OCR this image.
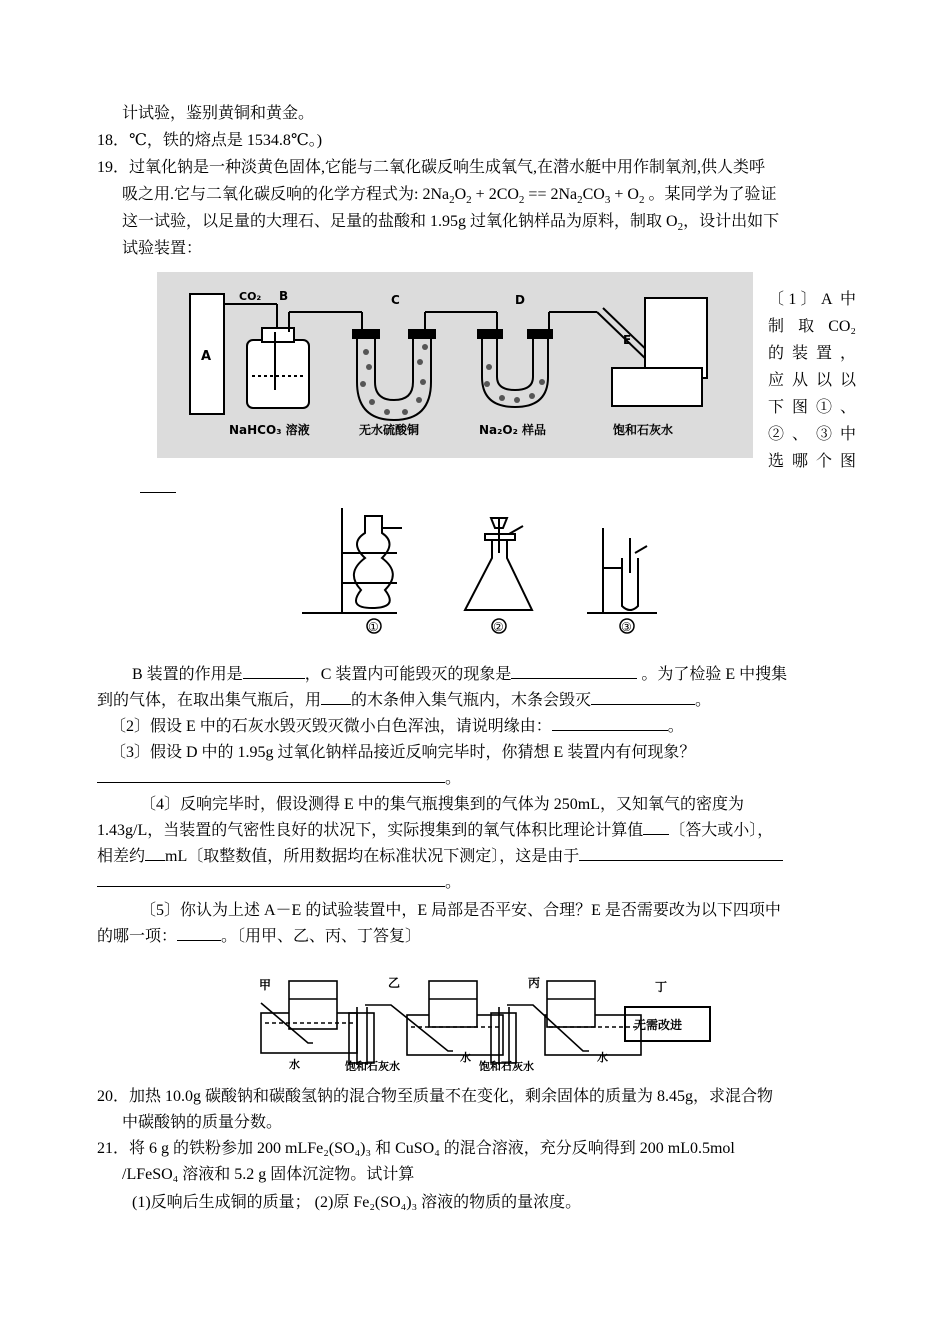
计试验，鉴别黄铜和黄金。
18．℃，铁的熔点是 1534.8℃。)
19．过氧化钠是一种淡黄色固体,它能与二氧化碳反响生成氧气,在潜水艇中用作制氧剂,供人类呼
吸之用.它与二氧化碳反响的化学方程式为: $2Na_2O_2 + 2CO_2 == 2Na_2CO_3 + O_2$ 。某同学为了验证
这一试验，以足量的大理石、足量的盐酸和 1.95g 过氧化钠样品为原料，制取 $O_2$，设计出如下
试验装置：
A
CO₂ B	C	D
E
NaHCO₃ 溶液	无水硫酸铜	Na₂O₂ 样品	饱和石灰水
〔1〕A 中
制 取 CO₂
的 装 置 ，
应 从 以 以
下 图 ① 、
② 、 ③ 中
选 哪 个 图
①	②	③
B 装置的作用是	，C 装置内可能毁灭的现象是	。为了检验 E 中搜集
到的气体，在取出集气瓶后，用 的木条伸入集气瓶内，木条会毁灭	。
〔2〕假设 E 中的石灰水毁灭毁灭微小白色浑浊，请说明缘由：	。
〔3〕假设 D 中的 1.95g 过氧化钠样品接近反响完毕时，你猜想 E 装置内有何现象？
。
〔4〕反响完毕时，假设测得 E 中的集气瓶搜集到的气体为 250mL，又知氧气的密度为
1.43g/L，当装置的气密性良好的状况下，实际搜集到的氧气体积比理论计算值 〔答大或小〕，
相差约 mL〔取整数值，所用数据均在标准状况下测定〕，这是由于
。
〔5〕你认为上述 A－E 的试验装置中，E 局部是否平安、合理？E 是否需要改为以下四项中
的哪一项：	。〔用甲、乙、丙、丁答复〕
甲	乙	丙	丁
水	饱和石灰水
水
饱和石灰水
水
无需改进
20．加热 10.0g 碳酸钠和碳酸氢钠的混合物至质量不在变化，剩余固体的质量为 8.45g，求混合物
中碳酸钠的质量分数。
21．将 6 g 的铁粉参加 200 mLFe₂(SO₄)₃ 和 CuSO₄ 的混合溶液，充分反响得到 200 mL0.5mol
/LFeSO₄ 溶液和 5.2 g 固体沉淀物。试计算
(1)反响后生成铜的质量； (2)原 Fe₂(SO₄)₃ 溶液的物质的量浓度。
